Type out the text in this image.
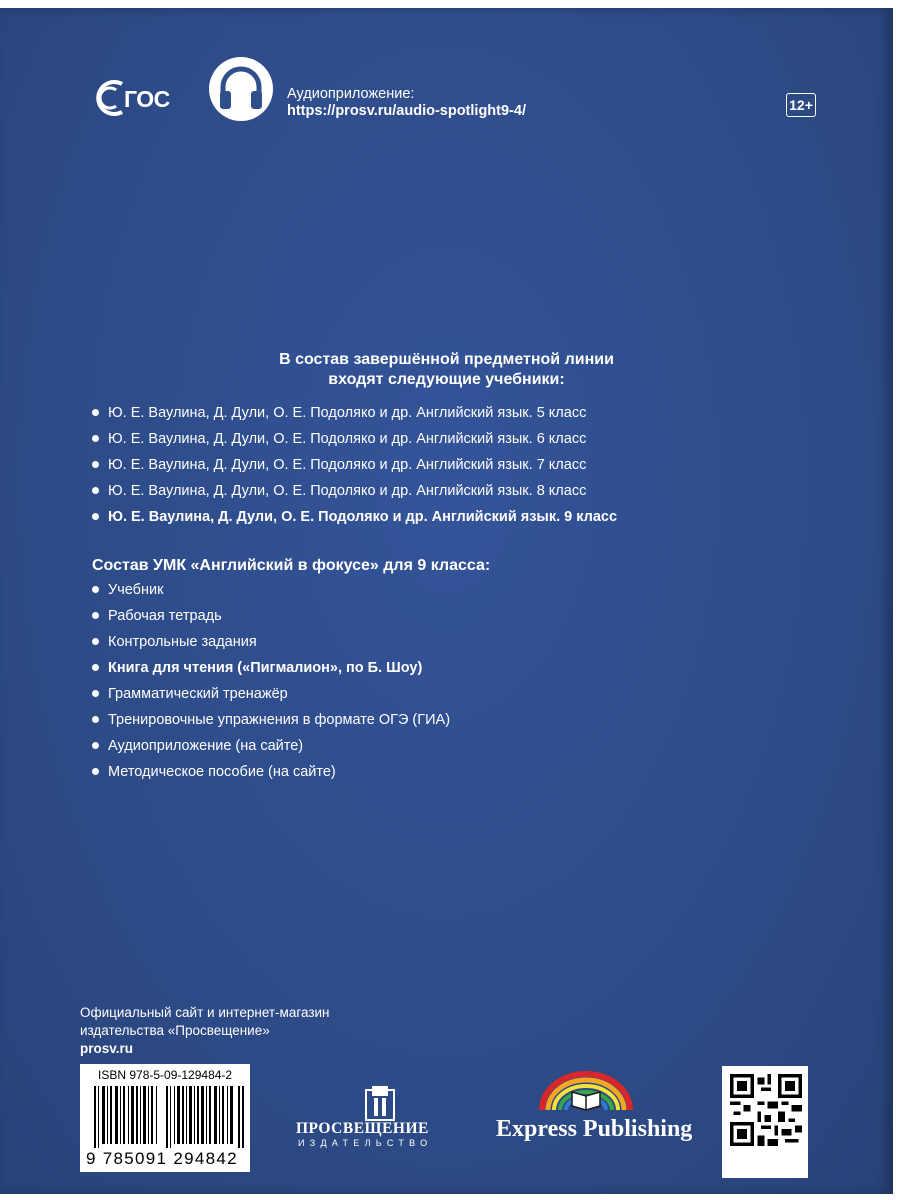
ГОС	Аудиоприложение:
https://prosv.ru/audio-spotlight9-4/	12+
В состав завершённой предметной линии
входят следующие учебники:
Ю. Е. Ваулина, Д. Дули, О. Е. Подоляко и др. Английский язык. 5 класс
Ю. Е. Ваулина, Д. Дули, О. Е. Подоляко и др. Английский язык. 6 класс
Ю. Е. Ваулина, Д. Дули, О. Е. Подоляко и др. Английский язык. 7 класс
Ю. Е. Ваулина, Д. Дули, О. Е. Подоляко и др. Английский язык. 8 класс
Ю. Е. Ваулина, Д. Дули, О. Е. Подоляко и др. Английский язык. 9 класс
Состав УМК «Английский в фокусе» для 9 класса:
Учебник
Рабочая тетрадь
Контрольные задания
Книга для чтения («Пигмалион», по Б. Шоу)
Грамматический тренажёр
Тренировочные упражнения в формате ОГЭ (ГИА)
Аудиоприложение (на сайте)
Методическое пособие (на сайте)
Официальный сайт и интернет-магазин
издательства «Просвещение»
prosv.ru
ISBN 978-5-09-129484-2
9 785091 294842
ПРОСВЕЩЕНИЕ
ИЗДАТЕЛЬСТВО
Express Publishing
